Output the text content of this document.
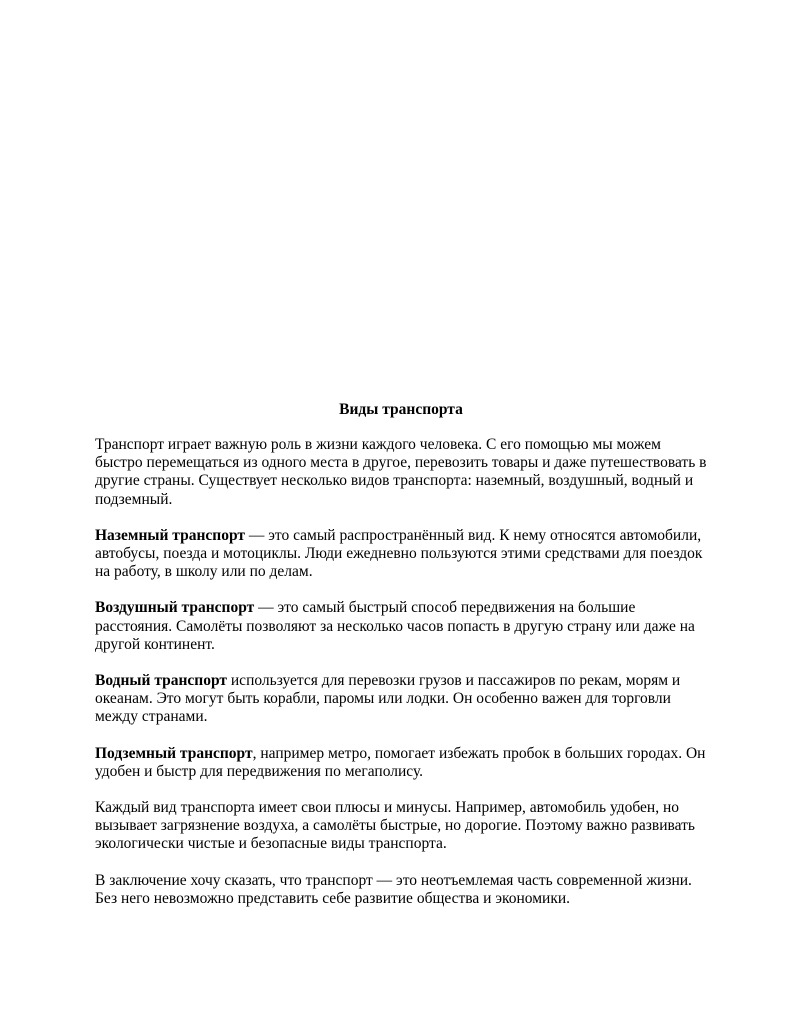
Виды транспорта

Транспорт играет важную роль в жизни каждого человека. С его помощью мы можем быстро перемещаться из одного места в другое, перевозить товары и даже путешествовать в другие страны. Существует несколько видов транспорта: наземный, воздушный, водный и подземный.

Наземный транспорт — это самый распространённый вид. К нему относятся автомобили, автобусы, поезда и мотоциклы. Люди ежедневно пользуются этими средствами для поездок на работу, в школу или по делам.

Воздушный транспорт — это самый быстрый способ передвижения на большие расстояния. Самолёты позволяют за несколько часов попасть в другую страну или даже на другой континент.

Водный транспорт используется для перевозки грузов и пассажиров по рекам, морям и океанам. Это могут быть корабли, паромы или лодки. Он особенно важен для торговли между странами.

Подземный транспорт, например метро, помогает избежать пробок в больших городах. Он удобен и быстр для передвижения по мегаполису.

Каждый вид транспорта имеет свои плюсы и минусы. Например, автомобиль удобен, но вызывает загрязнение воздуха, а самолёты быстрые, но дорогие. Поэтому важно развивать экологически чистые и безопасные виды транспорта.

В заключение хочу сказать, что транспорт — это неотъемлемая часть современной жизни. Без него невозможно представить себе развитие общества и экономики.
